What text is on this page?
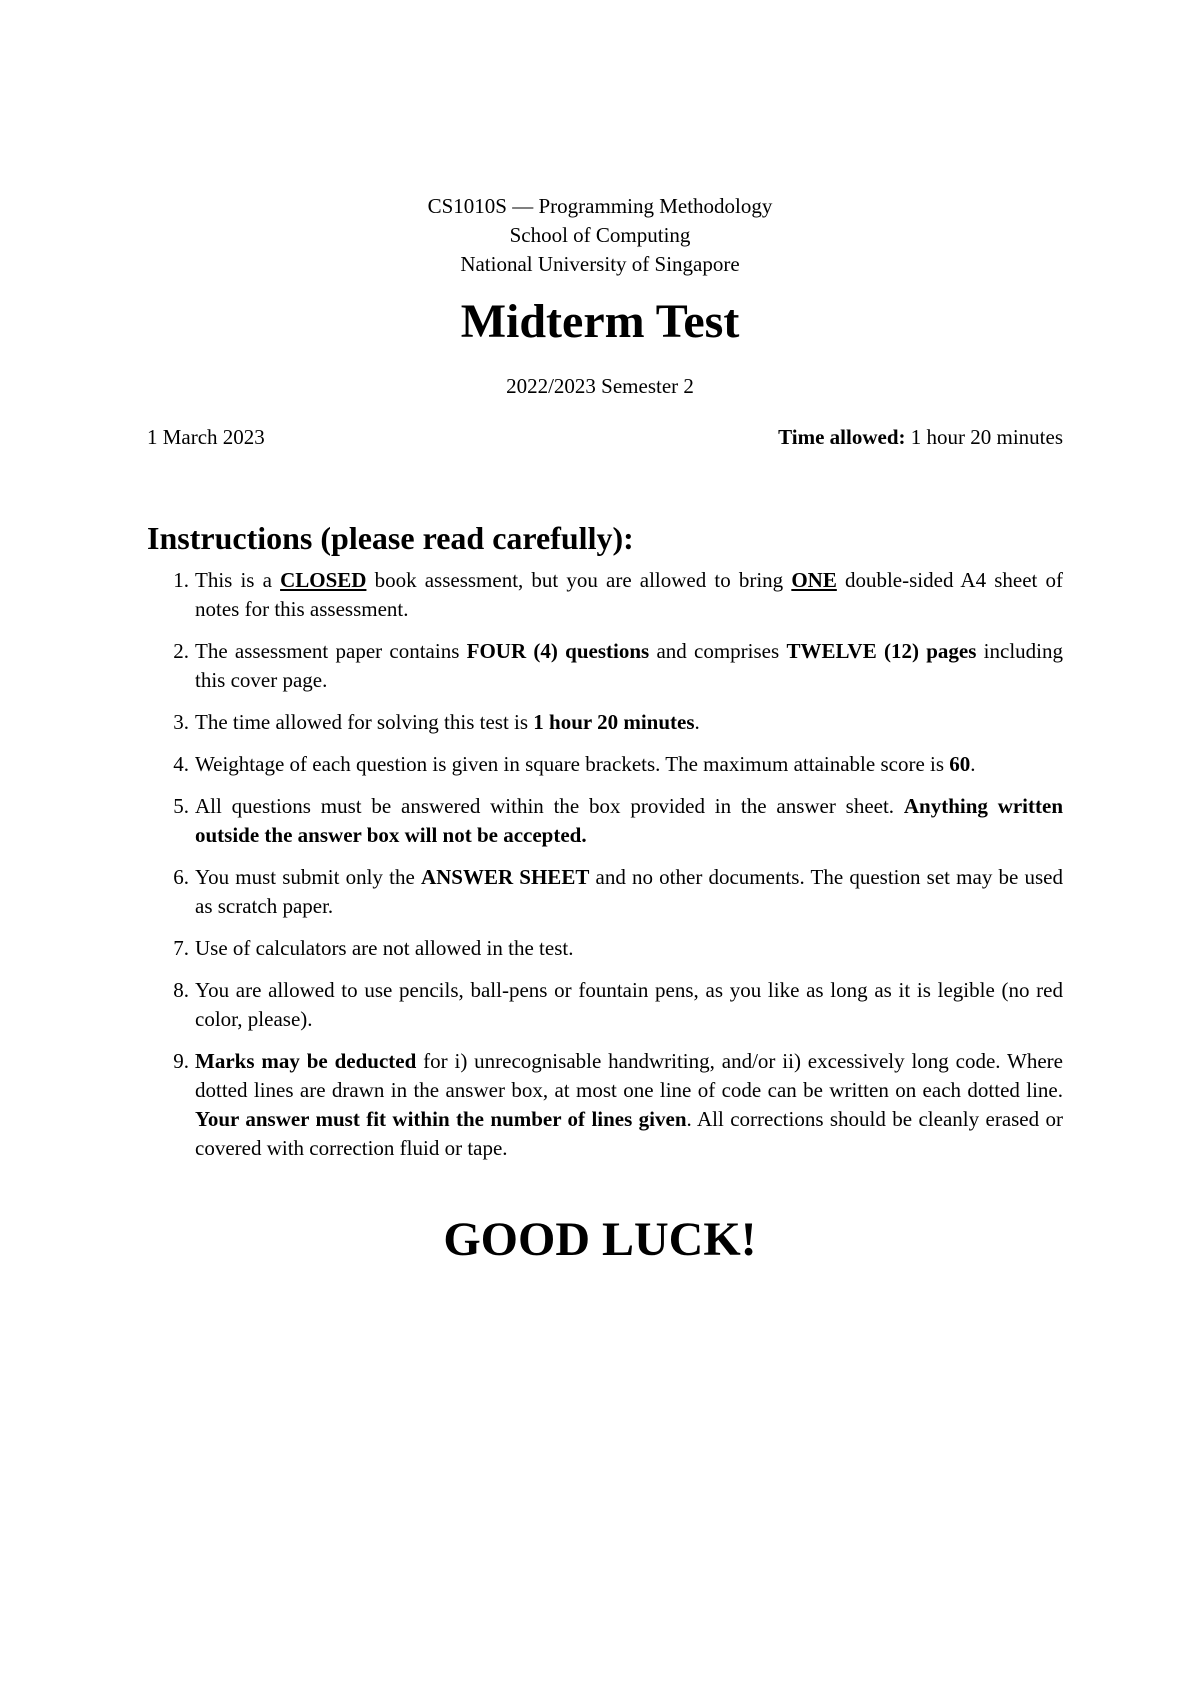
CS1010S — Programming Methodology
School of Computing
National University of Singapore
Midterm Test
2022/2023 Semester 2
1 March 2023	Time allowed: 1 hour 20 minutes
Instructions (please read carefully):
1. This is a CLOSED book assessment, but you are allowed to bring ONE double-sided A4 sheet of notes for this assessment.
2. The assessment paper contains FOUR (4) questions and comprises TWELVE (12) pages including this cover page.
3. The time allowed for solving this test is 1 hour 20 minutes.
4. Weightage of each question is given in square brackets. The maximum attainable score is 60.
5. All questions must be answered within the box provided in the answer sheet. Anything written outside the answer box will not be accepted.
6. You must submit only the ANSWER SHEET and no other documents. The question set may be used as scratch paper.
7. Use of calculators are not allowed in the test.
8. You are allowed to use pencils, ball-pens or fountain pens, as you like as long as it is legible (no red color, please).
9. Marks may be deducted for i) unrecognisable handwriting, and/or ii) excessively long code. Where dotted lines are drawn in the answer box, at most one line of code can be written on each dotted line. Your answer must fit within the number of lines given. All corrections should be cleanly erased or covered with correction fluid or tape.
GOOD LUCK!
